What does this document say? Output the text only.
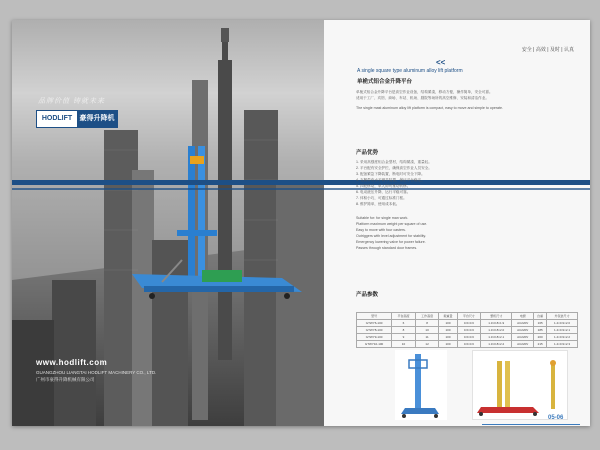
品牌价值 铸就未来
HODLIFT	豪得升降机
www.hodlift.com
GUANGZHOU LIANGTAI HODLIFT MACHINERY CO., LTD.
广州市豪得升降机械有限公司
安全 | 高效 | 及时 | 认真
<<
A single square type aluminum alloy lift platform
单桅式铝合金升降平台
单桅式铝合金升降平台是高空作业设备，结构紧凑，移动方便，操作简单，安全可靠。
适用于工厂、宾馆、商场、车站、机场、剧院等场所的高空维修、安装和清洁作业。
The single mast aluminum alloy lift platform is compact, easy to move and simple to operate.
产品优势
1. 采用高强度铝合金型材，结构紧凑，重量轻。
2. 平台配有安全护栏，确保高空作业人员安全。
3. 配备紧急下降装置，断电时可安全下降。
4. 支腿带有水平调节装置，保证平台稳定。
5. 四轮移动，单人即可推动转移。
6. 电动液压升降，运行平稳可靠。
7. 体积小巧，可通过标准门框。
8. 维护简单，使用成本低。
Suitable for: for single man work.
Platform maximum weight per square of use.
Easy to move with four casters.
Outriggers with level adjustment for stability.
Emergency lowering valve for power failure.
Passes through standard door frames.
产品参数
型号	平台高度	工作高度	载重量	平台尺寸	整机尺寸	电源	自重	外包装尺寸
GTWY6-100	6	8	100	0.6×0.6	1.3×0.8×1.9	AC220V	165	1.4×0.9×2.0
GTWY8-100	8	10	100	0.6×0.6	1.3×0.8×2.0	AC220V	185	1.4×0.9×2.1
GTWY9-100	9	11	100	0.6×0.6	1.3×0.8×2.1	AC220V	200	1.4×0.9×2.2
GTWY10-100	10	12	100	0.6×0.6	1.3×0.8×2.2	AC220V	215	1.4×0.9×2.3
05-06
